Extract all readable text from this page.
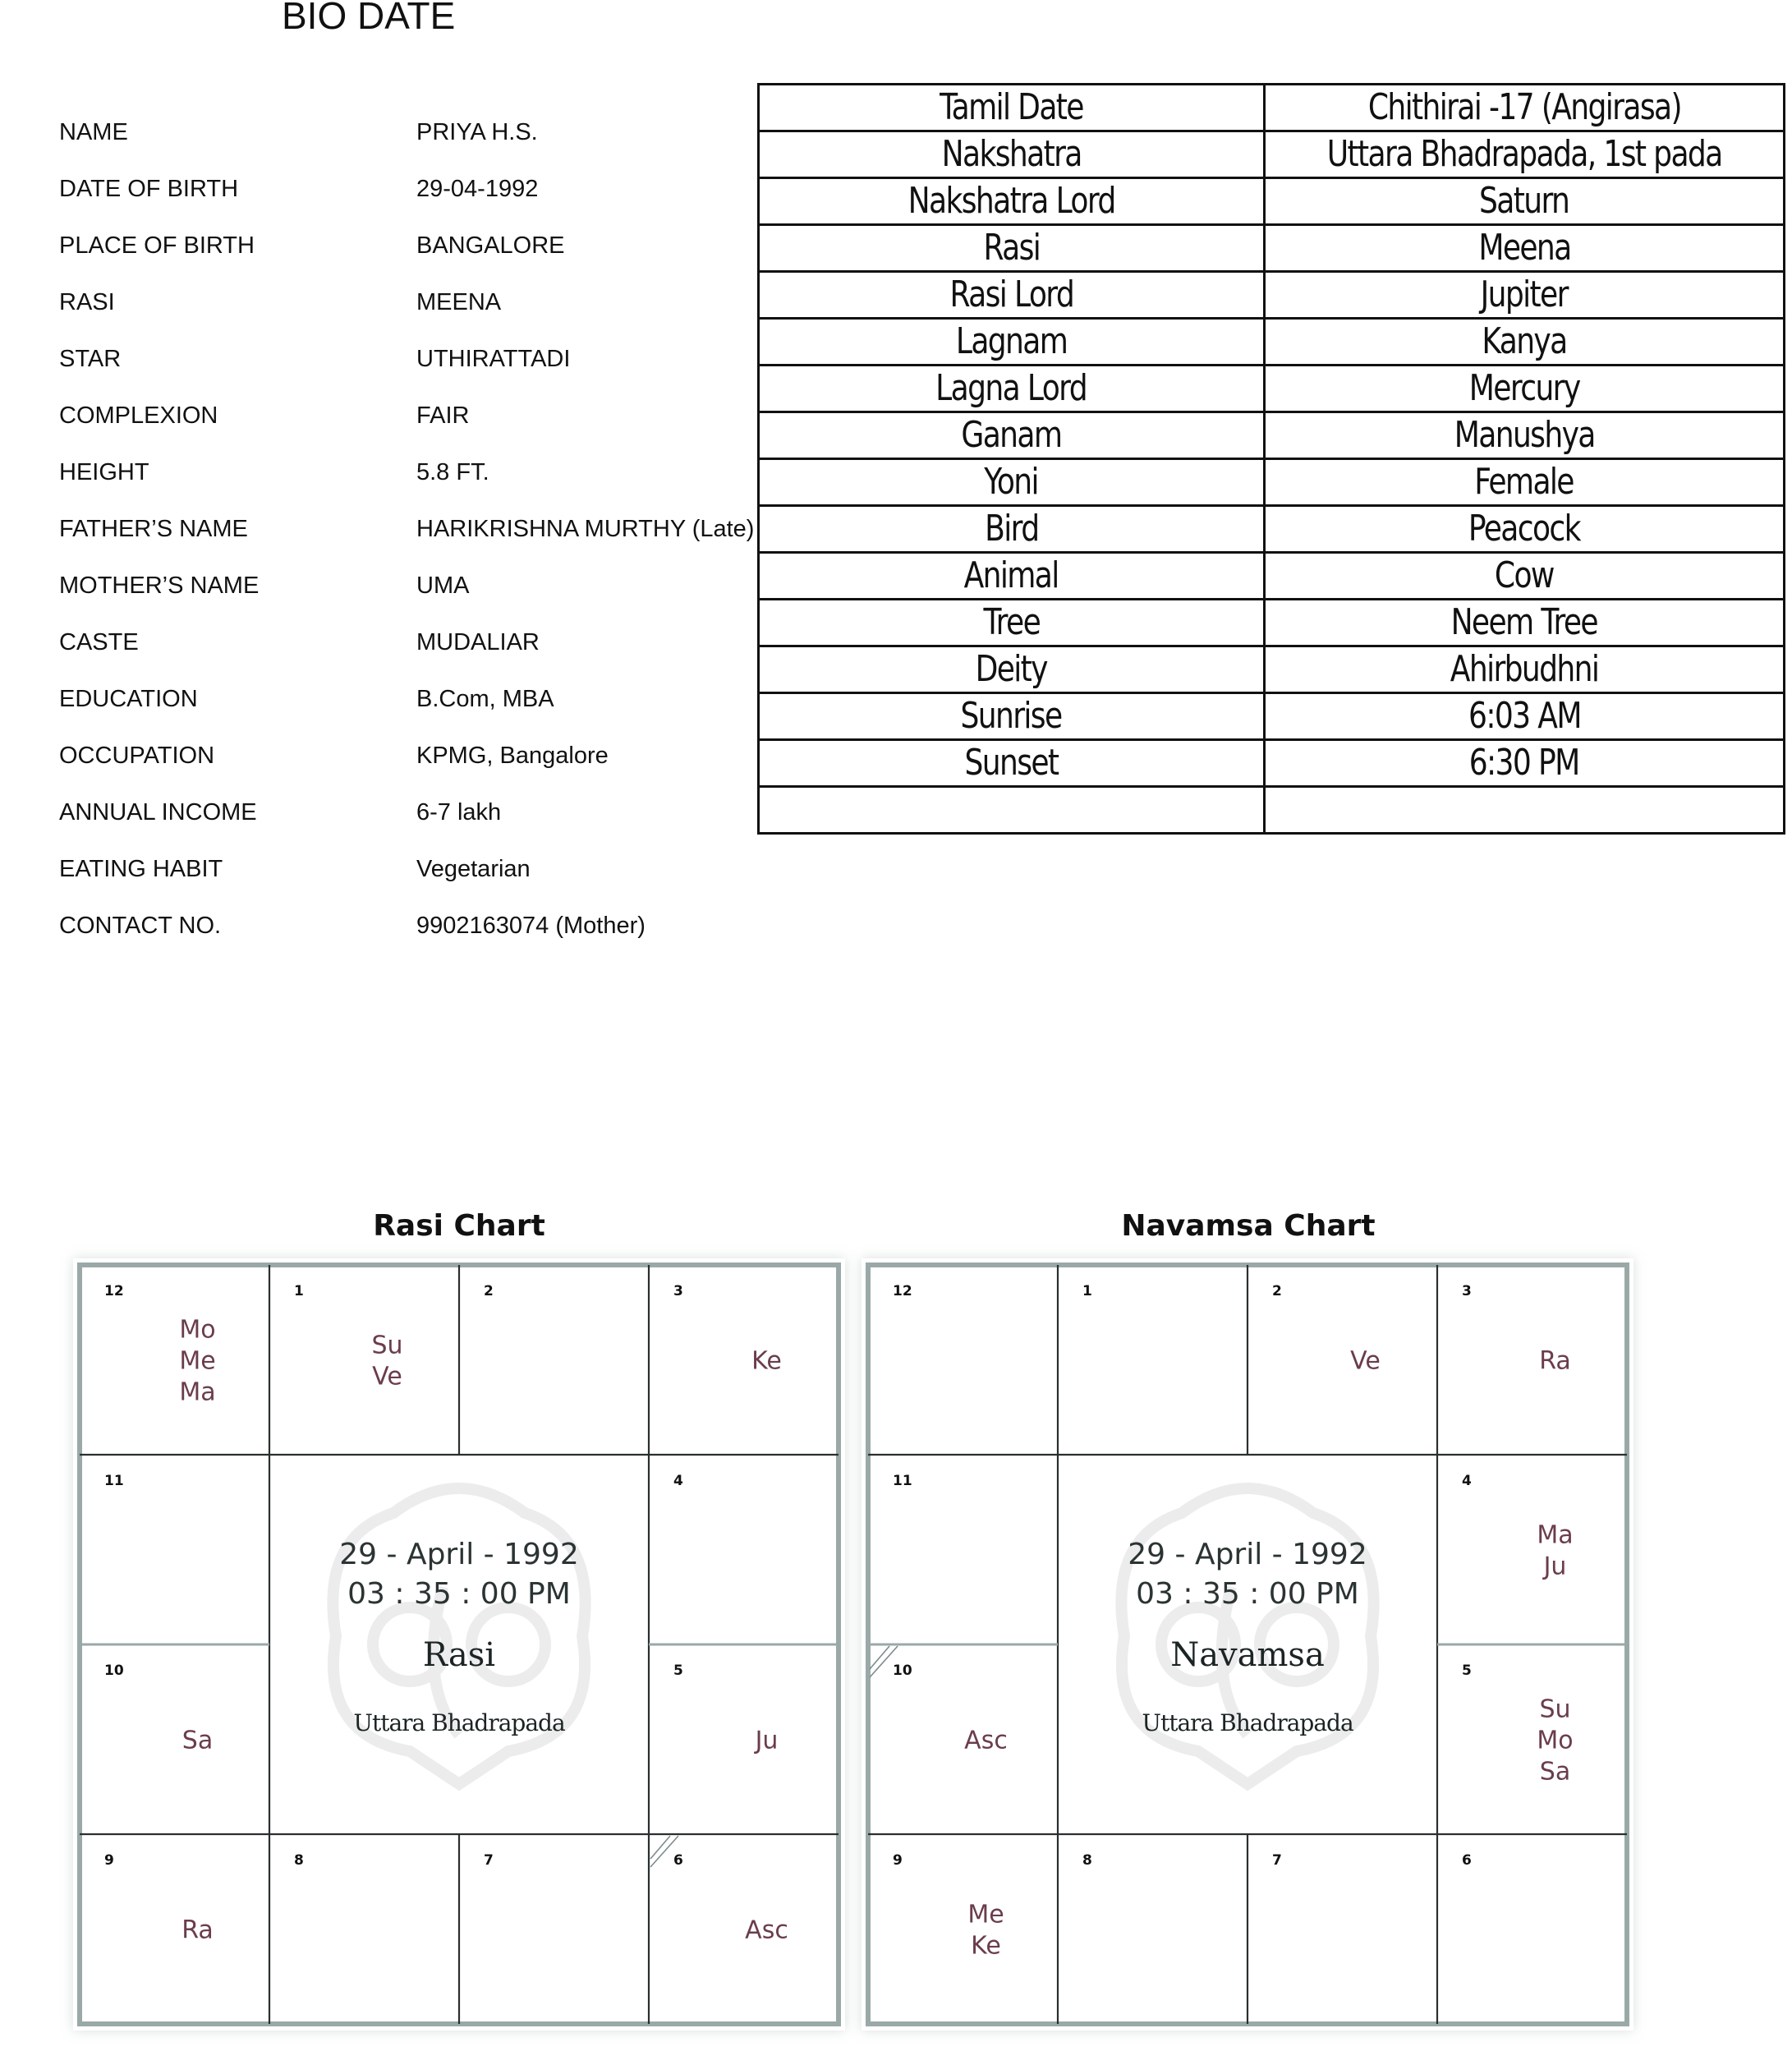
BIO DATE
NAME	PRIYA H.S.
DATE OF BIRTH	29-04-1992
PLACE OF BIRTH	BANGALORE
RASI	MEENA
STAR	UTHIRATTADI
COMPLEXION	FAIR
HEIGHT	5.8 FT.
FATHER’S NAME	HARIKRISHNA MURTHY (Late)
MOTHER’S NAME	UMA
CASTE	MUDALIAR
EDUCATION	B.Com, MBA
OCCUPATION	KPMG, Bangalore
ANNUAL INCOME	6-7 lakh
EATING HABIT	Vegetarian
CONTACT NO.	9902163074 (Mother)
Tamil Date	Chithirai -17 (Angirasa)
Nakshatra	Uttara Bhadrapada, 1st pada
Nakshatra Lord	Saturn
Rasi	Meena
Rasi Lord	Jupiter
Lagnam	Kanya
Lagna Lord	Mercury
Ganam	Manushya
Yoni	Female
Bird	Peacock
Animal	Cow
Tree	Neem Tree
Deity	Ahirbudhni
Sunrise	6:03 AM
Sunset	6:30 PM

Rasi Chart
1
Su
Ve
2	3
Ke
4
5
Ju
6
Asc
7
8
9
Ra
10
Sa
11
12
Mo
Me
Ma
29 - April - 1992
03 : 35 : 00 PM
Rasi
Uttara Bhadrapada
Navamsa Chart
1	2
Ve
3
Ra
4
Ma
Ju
5
Su
Mo
Sa
6
7
8
9
Me
Ke
10
Asc
11
12
29 - April - 1992
03 : 35 : 00 PM
Navamsa
Uttara Bhadrapada
